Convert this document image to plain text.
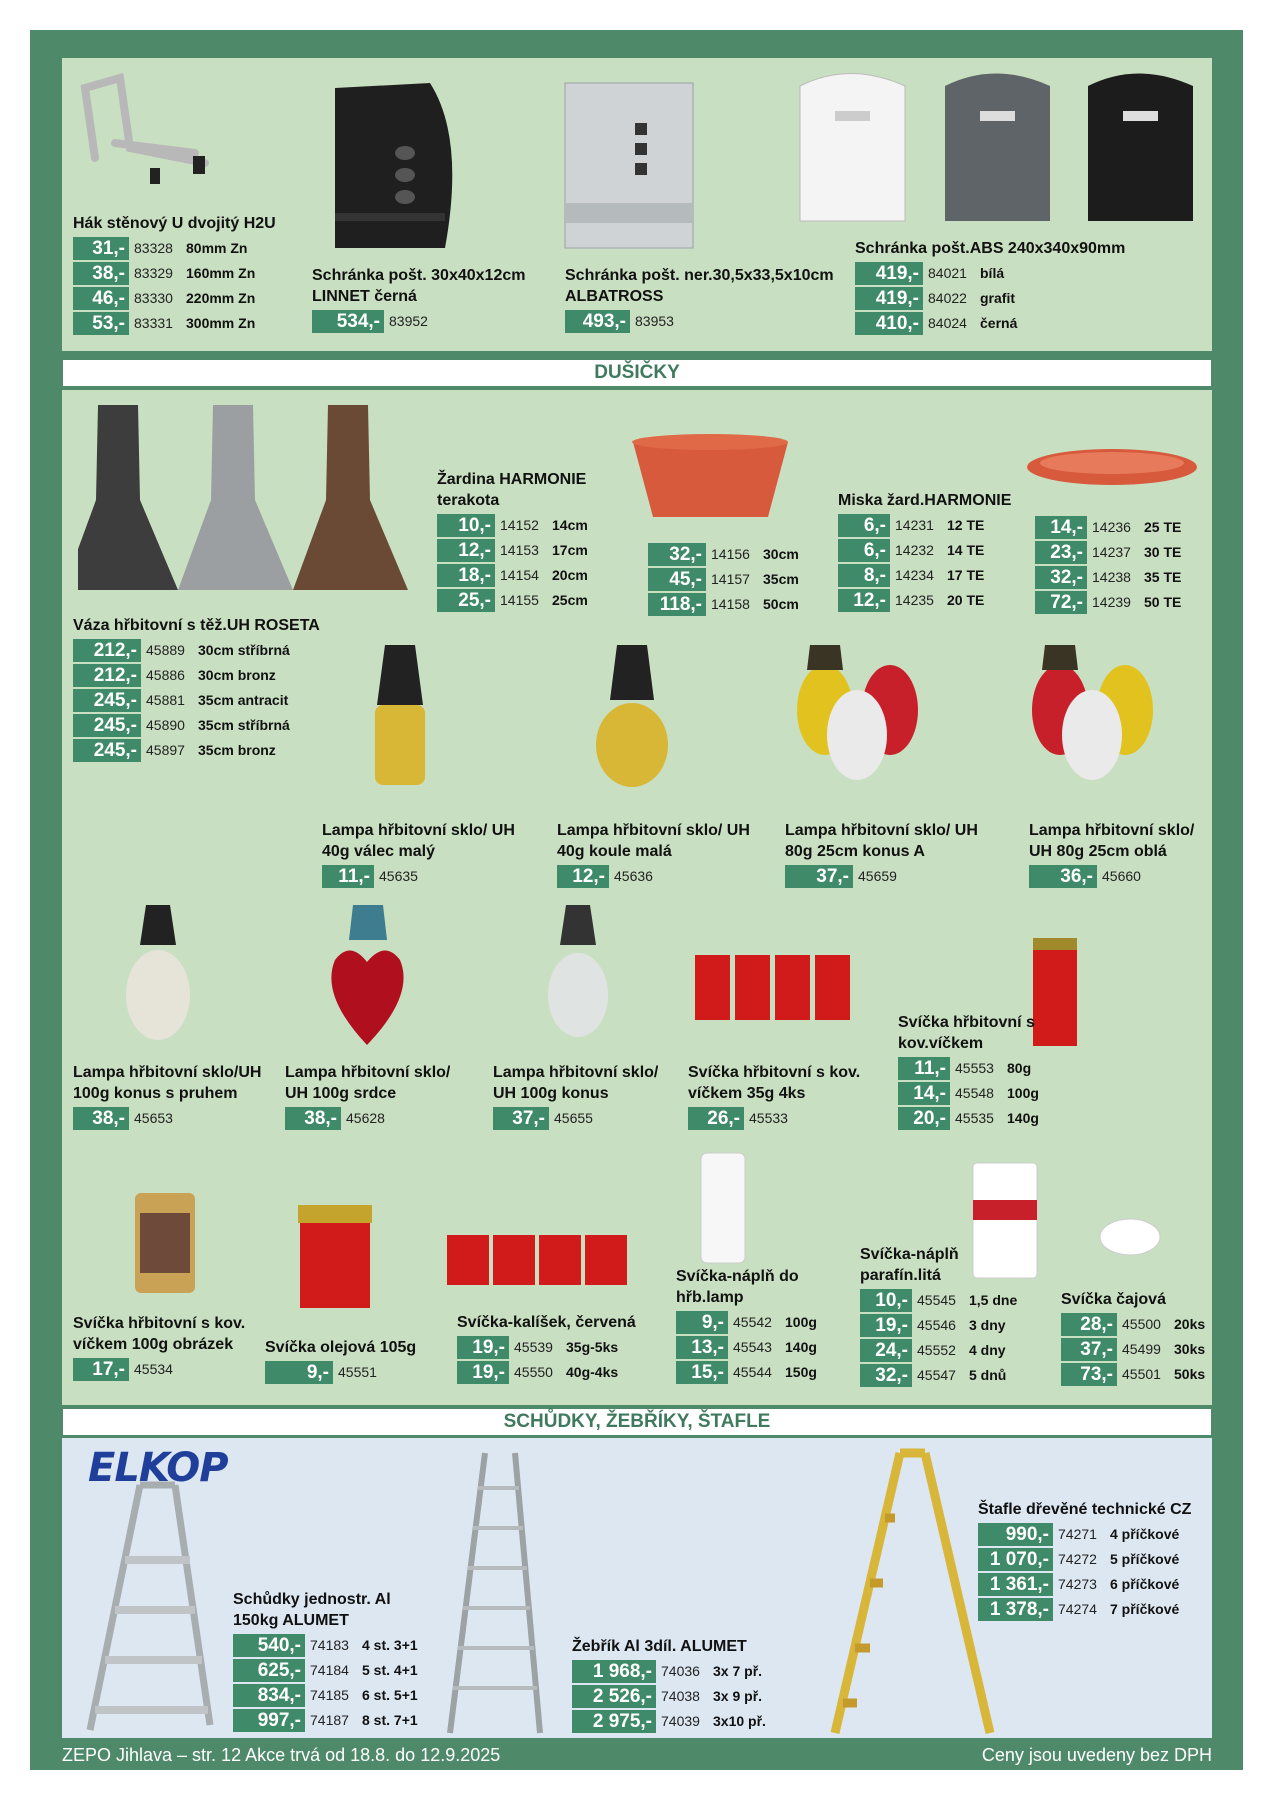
DUŠIČKY
SCHŮDKY, ŽEBŘÍKY, ŠTAFLE
ELKOP
Hák stěnový U dvojitý H2U
31,- 83328 80mm Zn
38,- 83329 160mm Zn
46,- 83330 220mm Zn
53,- 83331 300mm Zn
Schránka pošt. 30x40x12cm LINNET černá
534,- 83952
Schránka pošt. ner.30,5x33,5x10cm ALBATROSS
493,- 83953
Schránka pošt.ABS 240x340x90mm
419,- 84021 bílá
419,- 84022 grafit
410,- 84024 černá
Váza hřbitovní s těž.UH ROSETA
212,- 45889 30cm stříbrná
212,- 45886 30cm bronz
245,- 45881 35cm antracit
245,- 45890 35cm stříbrná
245,- 45897 35cm bronz
Žardina HARMONIE terakota
10,- 14152 14cm
12,- 14153 17cm
18,- 14154 20cm
25,- 14155 25cm
32,- 14156 30cm
45,- 14157 35cm
118,- 14158 50cm
Miska žard.HARMONIE
6,- 14231 12 TE
6,- 14232 14 TE
8,- 14234 17 TE
12,- 14235 20 TE
14,- 14236 25 TE
23,- 14237 30 TE
32,- 14238 35 TE
72,- 14239 50 TE
Lampa hřbitovní sklo/ UH 40g válec malý
11,- 45635
Lampa hřbitovní sklo/ UH 40g koule malá
12,- 45636
Lampa hřbitovní sklo/ UH 80g 25cm konus A
37,- 45659
Lampa hřbitovní sklo/ UH 80g 25cm oblá
36,- 45660
Lampa hřbitovní sklo/UH 100g konus s pruhem
38,- 45653
Lampa hřbitovní sklo/ UH 100g srdce
38,- 45628
Lampa hřbitovní sklo/ UH 100g konus
37,- 45655
Svíčka hřbitovní s kov. víčkem 35g 4ks
26,- 45533
Svíčka hřbitovní s kov.víčkem
11,- 45553 80g
14,- 45548 100g
20,- 45535 140g
Svíčka hřbitovní s kov. víčkem 100g obrázek
17,- 45534
Svíčka olejová 105g
9,- 45551
Svíčka-kalíšek, červená
19,- 45539 35g-5ks
19,- 45550 40g-4ks
Svíčka-náplň do hřb.lamp
9,- 45542 100g
13,- 45543 140g
15,- 45544 150g
Svíčka-náplň parafín.litá
10,- 45545 1,5 dne
19,- 45546 3 dny
24,- 45552 4 dny
32,- 45547 5 dnů
Svíčka čajová
28,- 45500 20ks
37,- 45499 30ks
73,- 45501 50ks
Schůdky jednostr. Al 150kg ALUMET
540,- 74183 4 st. 3+1
625,- 74184 5 st. 4+1
834,- 74185 6 st. 5+1
997,- 74187 8 st. 7+1
Žebřík Al 3díl. ALUMET
1 968,- 74036 3x 7 př.
2 526,- 74038 3x 9 př.
2 975,- 74039 3x10 př.
Štafle dřevěné technické CZ
990,- 74271 4 příčkové
1 070,- 74272 5 příčkové
1 361,- 74273 6 příčkové
1 378,- 74274 7 příčkové
ZEPO Jihlava – str. 12 Akce trvá od 18.8. do 12.9.2025	Ceny jsou uvedeny bez DPH
